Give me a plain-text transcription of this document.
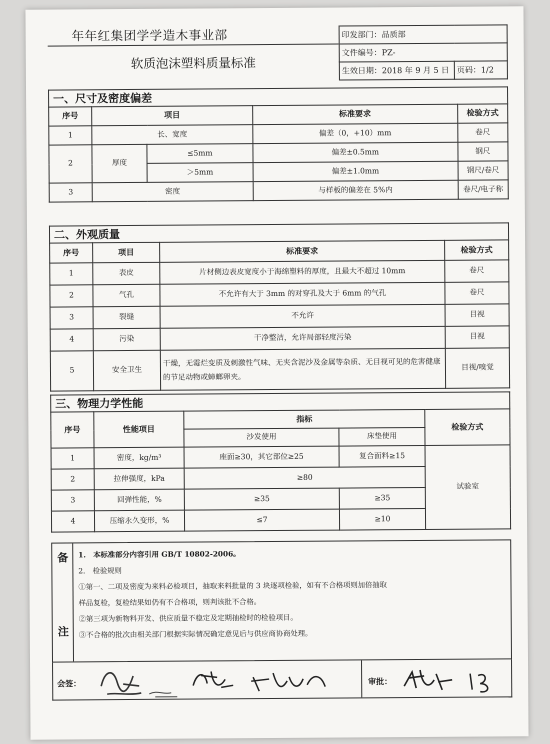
年年红集团学学造木事业部	印发部门：品质部	
软质泡沫塑料质量标准	文件编号：PZ-	
	生效日期：2018 年 9 月 5 日	页码：1/2
一、尺寸及密度偏差
序号	项目		标准要求	检验方式
1	长、宽度		偏差（0，+10）mm	卷尺
2	厚度	≤5mm	偏差±0.5mm	钢尺
		＞5mm	偏差±1.0mm	钢尺/卷尺
3	密度		与样板的偏差在 5%内	卷尺/电子称
二、外观质量
序号	项目	标准要求	检验方式
1	表皮	片材侧边表皮宽度小于海绵塑料的厚度，且最大不超过 10mm	卷尺
2	气孔	不允许有大于 3mm 的对穿孔及大于 6mm 的气孔	卷尺
3	裂缝	不允许	目视
4	污染	干净整洁，允许局部轻度污染	目视
5	安全卫生	干燥，无霉烂变质及刺激性气味、无夹含泥沙及金属等杂质、无目视可见的危害健康的节足动物或蟑螂卵夹。	目视/嗅觉
三、物理力学性能
序号	性能项目	指标		检验方式
		沙发使用	床垫使用	
1	密度，kg/m³	座面≥30，其它部位≥25	复合面料≥15	试验室
2	拉伸强度，kPa	≥80		
3	回弹性能，%	≥35	≥35	
4	压缩永久变形，%	≤7	≥10	
备
注

1.　本标准部分内容引用 GB/T 10802-2006。

2.　检验规则

①第一、二项及密度为来料必检项目，抽取来料批量的 3 块逐项检验，如有不合格项则加倍抽取

样品复检，复检结果如仍有不合格项，则判该批不合格。

②第三项为新物料开发、供应质量不稳定及定期抽检时的检验项目。

③不合格的批次由相关部门根据实际情况确定意见后与供应商协商处理。

会签：	审批：
